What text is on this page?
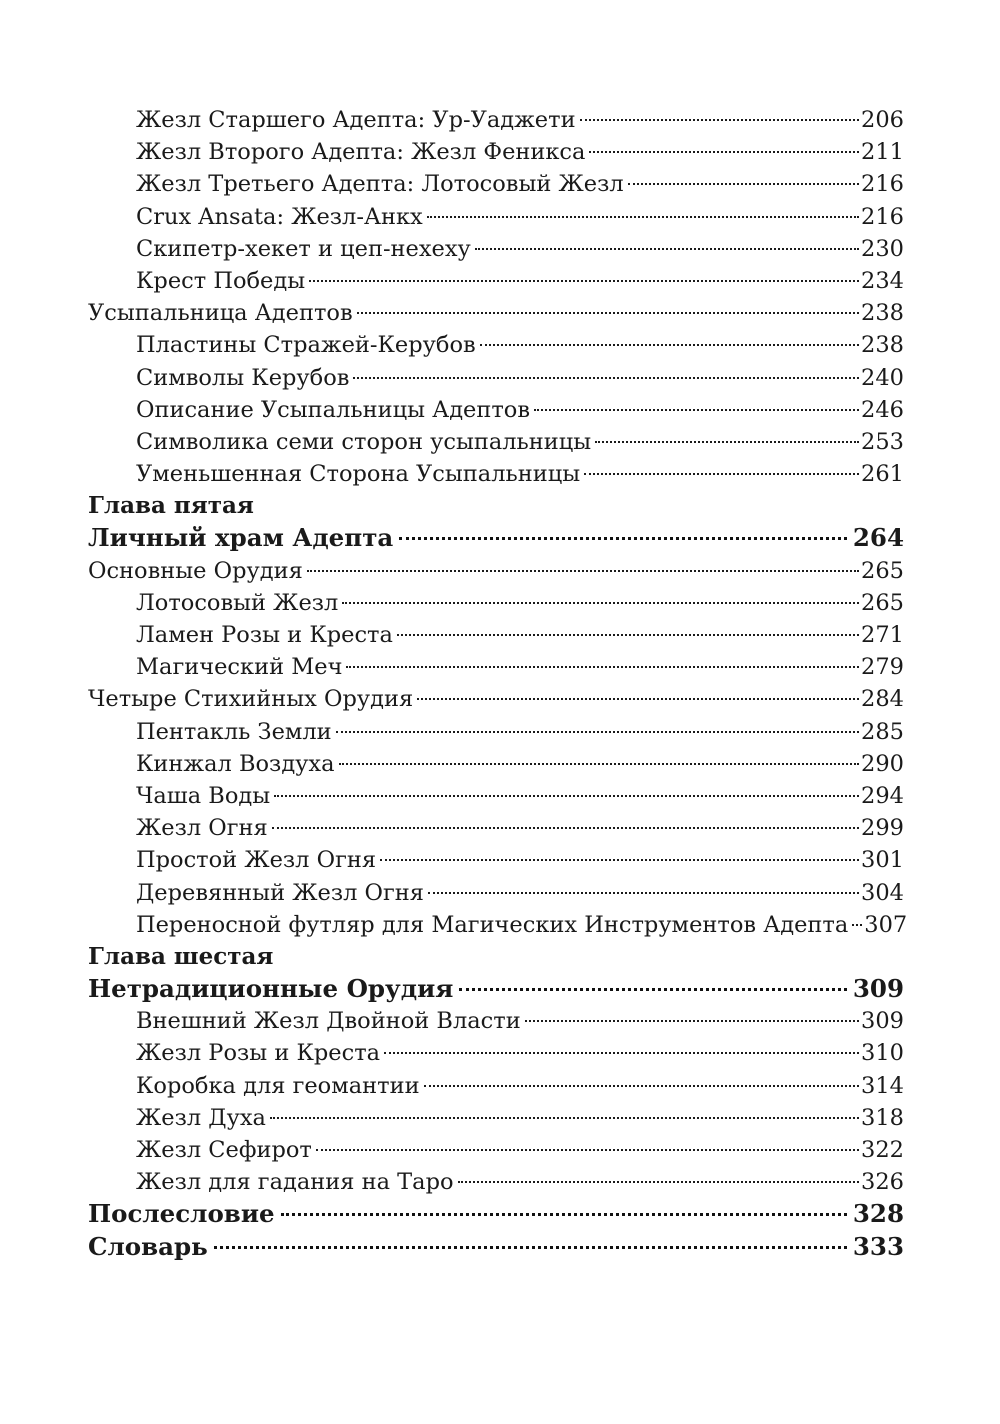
Жезл Старшего Адепта: Ур-Уаджети	206
Жезл Второго Адепта: Жезл Феникса	211
Жезл Третьего Адепта: Лотосовый Жезл	216
Crux Ansata: Жезл-Анкх	216
Скипетр-хекет и цеп-нехеху	230
Крест Победы	234
Усыпальница Адептов	238
Пластины Стражей-Керубов	238
Символы Керубов	240
Описание Усыпальницы Адептов	246
Символика семи сторон усыпальницы	253
Уменьшенная Сторона Усыпальницы	261
Глава пятая
Личный храм Адепта	264
Основные Орудия	265
Лотосовый Жезл	265
Ламен Розы и Креста	271
Магический Меч	279
Четыре Стихийных Орудия	284
Пентакль Земли	285
Кинжал Воздуха	290
Чаша Воды	294
Жезл Огня	299
Простой Жезл Огня	301
Деревянный Жезл Огня	304
Переносной футляр для Магических Инструментов Адепта 307
Глава шестая
Нетрадиционные Орудия	309
Внешний Жезл Двойной Власти	309
Жезл Розы и Креста	310
Коробка для геомантии	314
Жезл Духа	318
Жезл Сефирот	322
Жезл для гадания на Таро	326
Послесловие	328
Словарь	333
